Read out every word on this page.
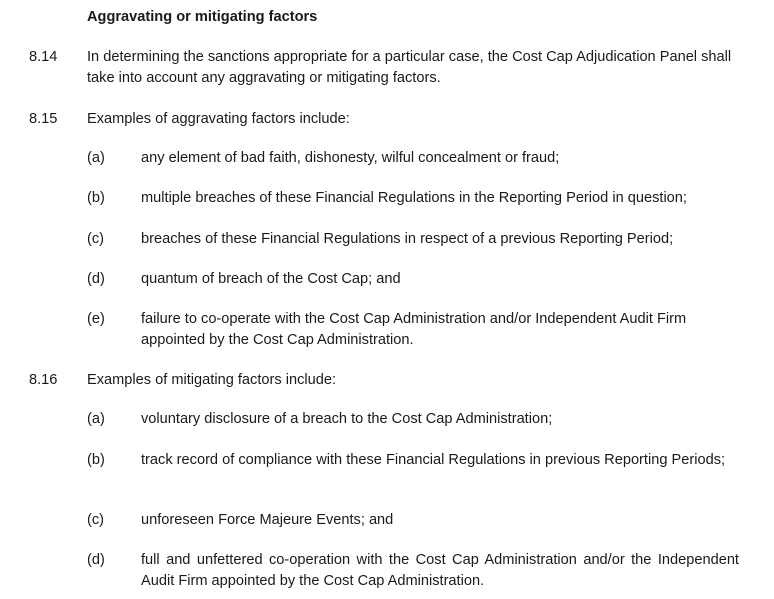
Aggravating or mitigating factors
8.14 In determining the sanctions appropriate for a particular case, the Cost Cap Adjudication Panel shall take into account any aggravating or mitigating factors.
8.15 Examples of aggravating factors include:
(a) any element of bad faith, dishonesty, wilful concealment or fraud;
(b) multiple breaches of these Financial Regulations in the Reporting Period in question;
(c)	breaches of these Financial Regulations in respect of a previous Reporting Period;
(d) quantum of breach of the Cost Cap; and
(e) failure to co-operate with the Cost Cap Administration and/or Independent Audit Firm appointed by the Cost Cap Administration.
8.16 Examples of mitigating factors include:
(a) voluntary disclosure of a breach to the Cost Cap Administration;
(b) track record of compliance with these Financial Regulations in previous Reporting Periods;
(c)	unforeseen Force Majeure Events; and
(d) full and unfettered co-operation with the Cost Cap Administration and/or the Independent Audit Firm appointed by the Cost Cap Administration.
